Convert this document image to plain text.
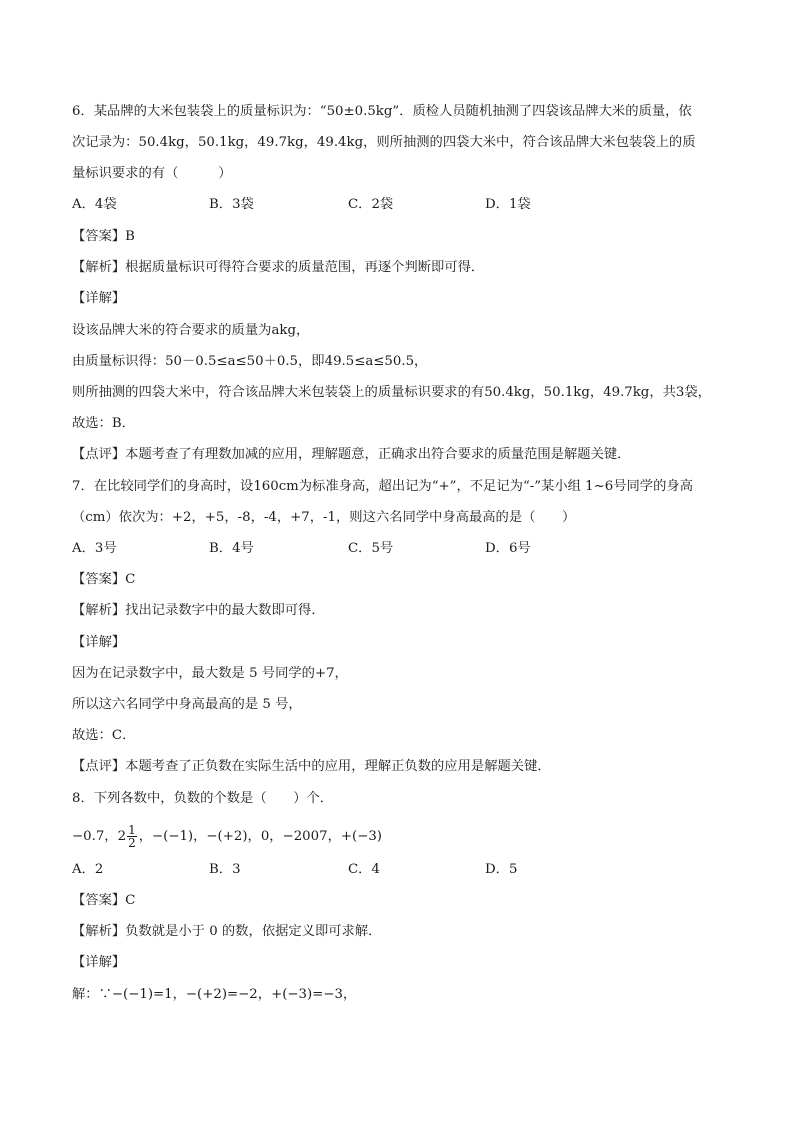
6．某品牌的大米包装袋上的质量标识为：“50±0.5kg”．质检人员随机抽测了四袋该品牌大米的质量，依
次记录为：50.4kg，50.1kg，49.7kg，49.4kg，则所抽测的四袋大米中，符合该品牌大米包装袋上的质
量标识要求的有（　　　）
A．4袋	B．3袋	C．2袋	D．1袋
【答案】B
【解析】根据质量标识可得符合要求的质量范围，再逐个判断即可得．
【详解】
设该品牌大米的符合要求的质量为akg，
由质量标识得：50－0.5≤a≤50＋0.5，即49.5≤a≤50.5，
则所抽测的四袋大米中，符合该品牌大米包装袋上的质量标识要求的有50.4kg，50.1kg，49.7kg，共3袋，
故选：B．
【点评】本题考查了有理数加减的应用，理解题意，正确求出符合要求的质量范围是解题关键．
7．在比较同学们的身高时，设160cm为标准身高，超出记为“+”，不足记为“-”某小组 1~6号同学的身高
（cm）依次为：+2，+5，-8，-4，+7，-1，则这六名同学中身高最高的是（　　）
A．3号	B．4号	C．5号	D．6号
【答案】C
【解析】找出记录数字中的最大数即可得．
【详解】
因为在记录数字中，最大数是 5 号同学的+7，
所以这六名同学中身高最高的是 5 号，
故选：C．
【点评】本题考查了正负数在实际生活中的应用，理解正负数的应用是解题关键．
8．下列各数中，负数的个数是（　　）个．
−0.7，$2 \frac{1}{2}$ ，−(−1)，−(+2)，0，−2007，+(−3)
A．2	B．3	C．4	D．5
【答案】C
【解析】负数就是小于 0 的数，依据定义即可求解．
【详解】
解：∵−(−1)=1，−(+2)=−2，+(−3)=−3，
